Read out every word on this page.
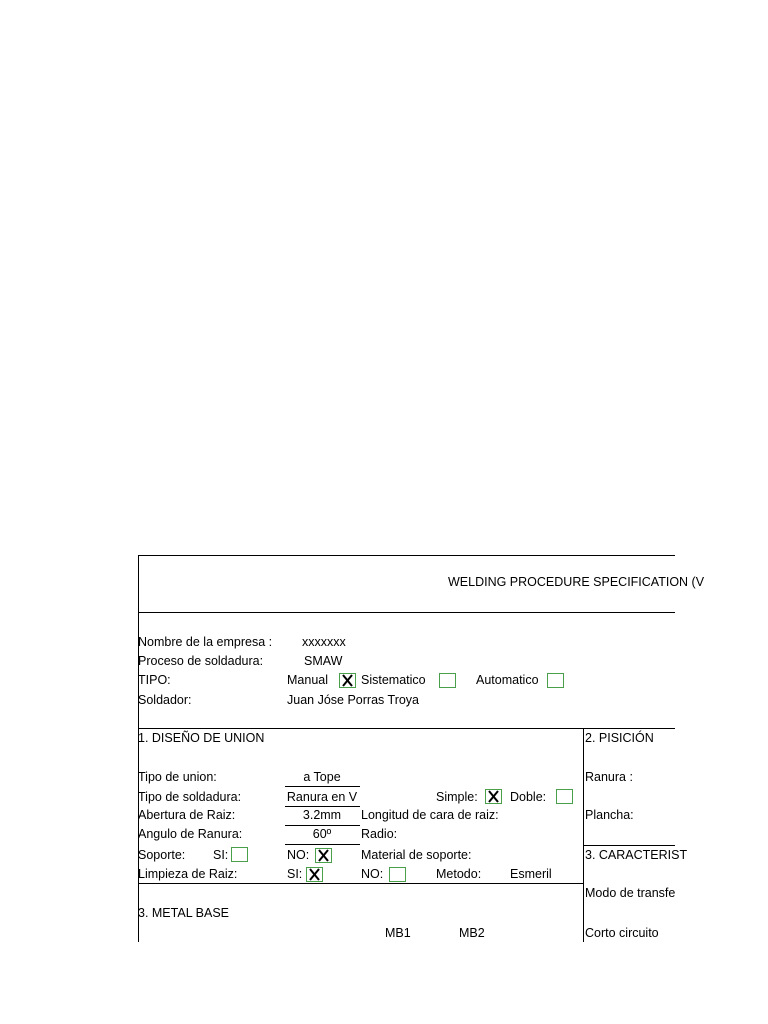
WELDING PROCEDURE SPECIFICATION (V
Nombre de la empresa : xxxxxxx
Proceso de soldadura:	SMAW
TIPO:	Manual	Sistematico	Automatico
Soldador:	Juan Jóse Porras Troya
1. DISEÑO DE UNION
Tipo de union:	a Tope
Tipo de soldadura:	Ranura en V	Simple:	Doble:
Abertura de Raiz:	3.2mm	Longitud de cara de raiz:
Angulo de Ranura:	60º	Radio:
Soporte: SI:	NO:	Material de soporte:
Limpieza de Raiz:	SI:	NO:	Metodo: Esmeril
2. PISICIÓN
Ranura :
Plancha:
3. CARACTERIST
Modo de transfe
Corto circuito
3. METAL BASE
MB1	MB2
